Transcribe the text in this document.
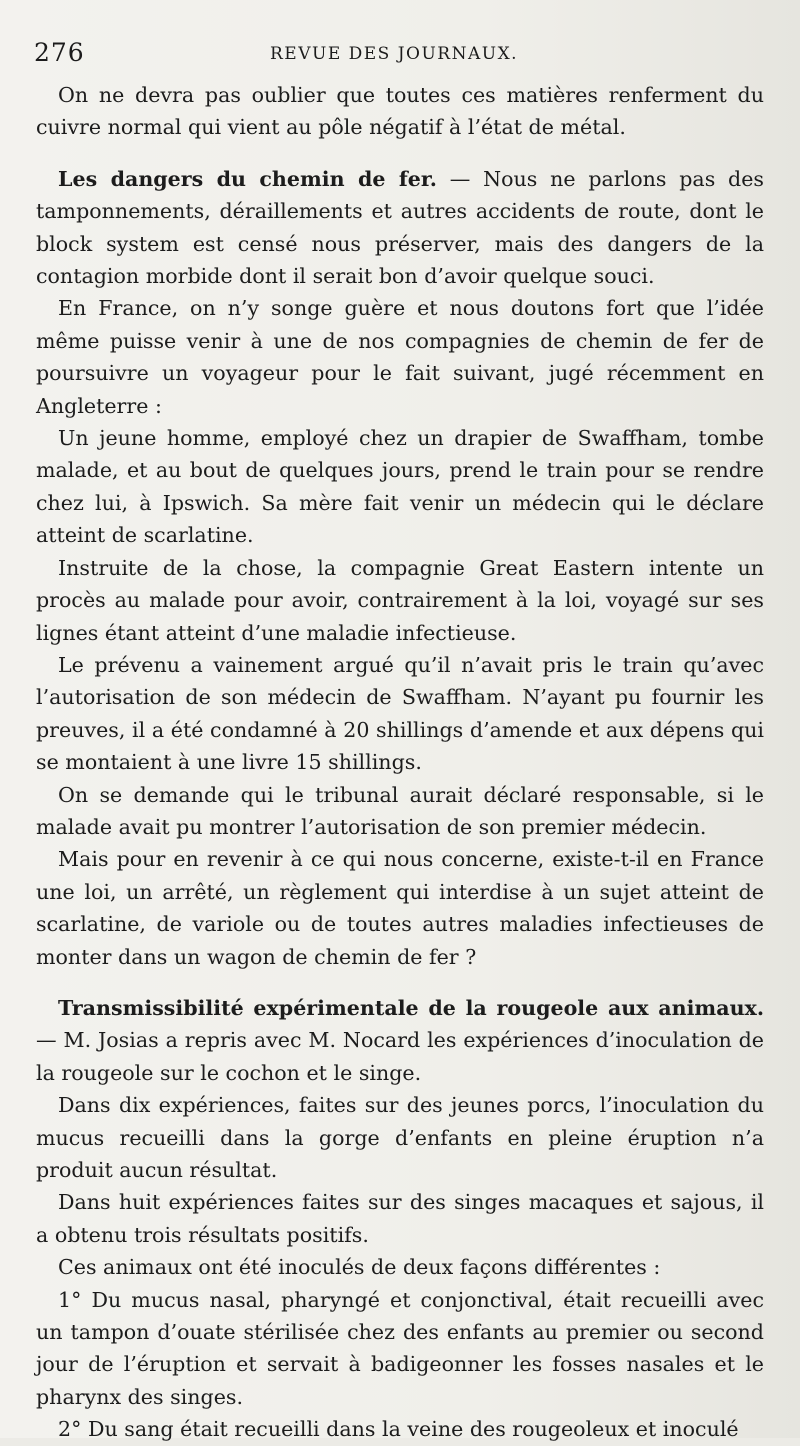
276	REVUE DES JOURNAUX.

On ne devra pas oublier que toutes ces matières renferment du cuivre normal qui vient au pôle négatif à l’état de métal.

Les dangers du chemin de fer. — Nous ne parlons pas des tamponnements, déraillements et autres accidents de route, dont le block system est censé nous préserver, mais des dangers de la contagion morbide dont il serait bon d’avoir quelque souci.

En France, on n’y songe guère et nous doutons fort que l’idée même puisse venir à une de nos compagnies de chemin de fer de poursuivre un voyageur pour le fait suivant, jugé récemment en Angleterre :

Un jeune homme, employé chez un drapier de Swaffham, tombe malade, et au bout de quelques jours, prend le train pour se rendre chez lui, à Ipswich. Sa mère fait venir un médecin qui le déclare atteint de scarlatine.

Instruite de la chose, la compagnie Great Eastern intente un procès au malade pour avoir, contrairement à la loi, voyagé sur ses lignes étant atteint d’une maladie infectieuse.

Le prévenu a vainement argué qu’il n’avait pris le train qu’avec l’autorisation de son médecin de Swaffham. N’ayant pu fournir les preuves, il a été condamné à 20 shillings d’amende et aux dépens qui se montaient à une livre 15 shillings.

On se demande qui le tribunal aurait déclaré responsable, si le malade avait pu montrer l’autorisation de son premier médecin.

Mais pour en revenir à ce qui nous concerne, existe-t-il en France une loi, un arrêté, un règlement qui interdise à un sujet atteint de scarlatine, de variole ou de toutes autres maladies infectieuses de monter dans un wagon de chemin de fer ?

Transmissibilité expérimentale de la rougeole aux animaux. — M. Josias a repris avec M. Nocard les expériences d’inoculation de la rougeole sur le cochon et le singe.

Dans dix expériences, faites sur des jeunes porcs, l’inoculation du mucus recueilli dans la gorge d’enfants en pleine éruption n’a produit aucun résultat.

Dans huit expériences faites sur des singes macaques et sajous, il a obtenu trois résultats positifs.

Ces animaux ont été inoculés de deux façons différentes :

1° Du mucus nasal, pharyngé et conjonctival, était recueilli avec un tampon d’ouate stérilisée chez des enfants au premier ou second jour de l’éruption et servait à badigeonner les fosses nasales et le pharynx des singes.

2° Du sang était recueilli dans la veine des rougeoleux et inoculé
